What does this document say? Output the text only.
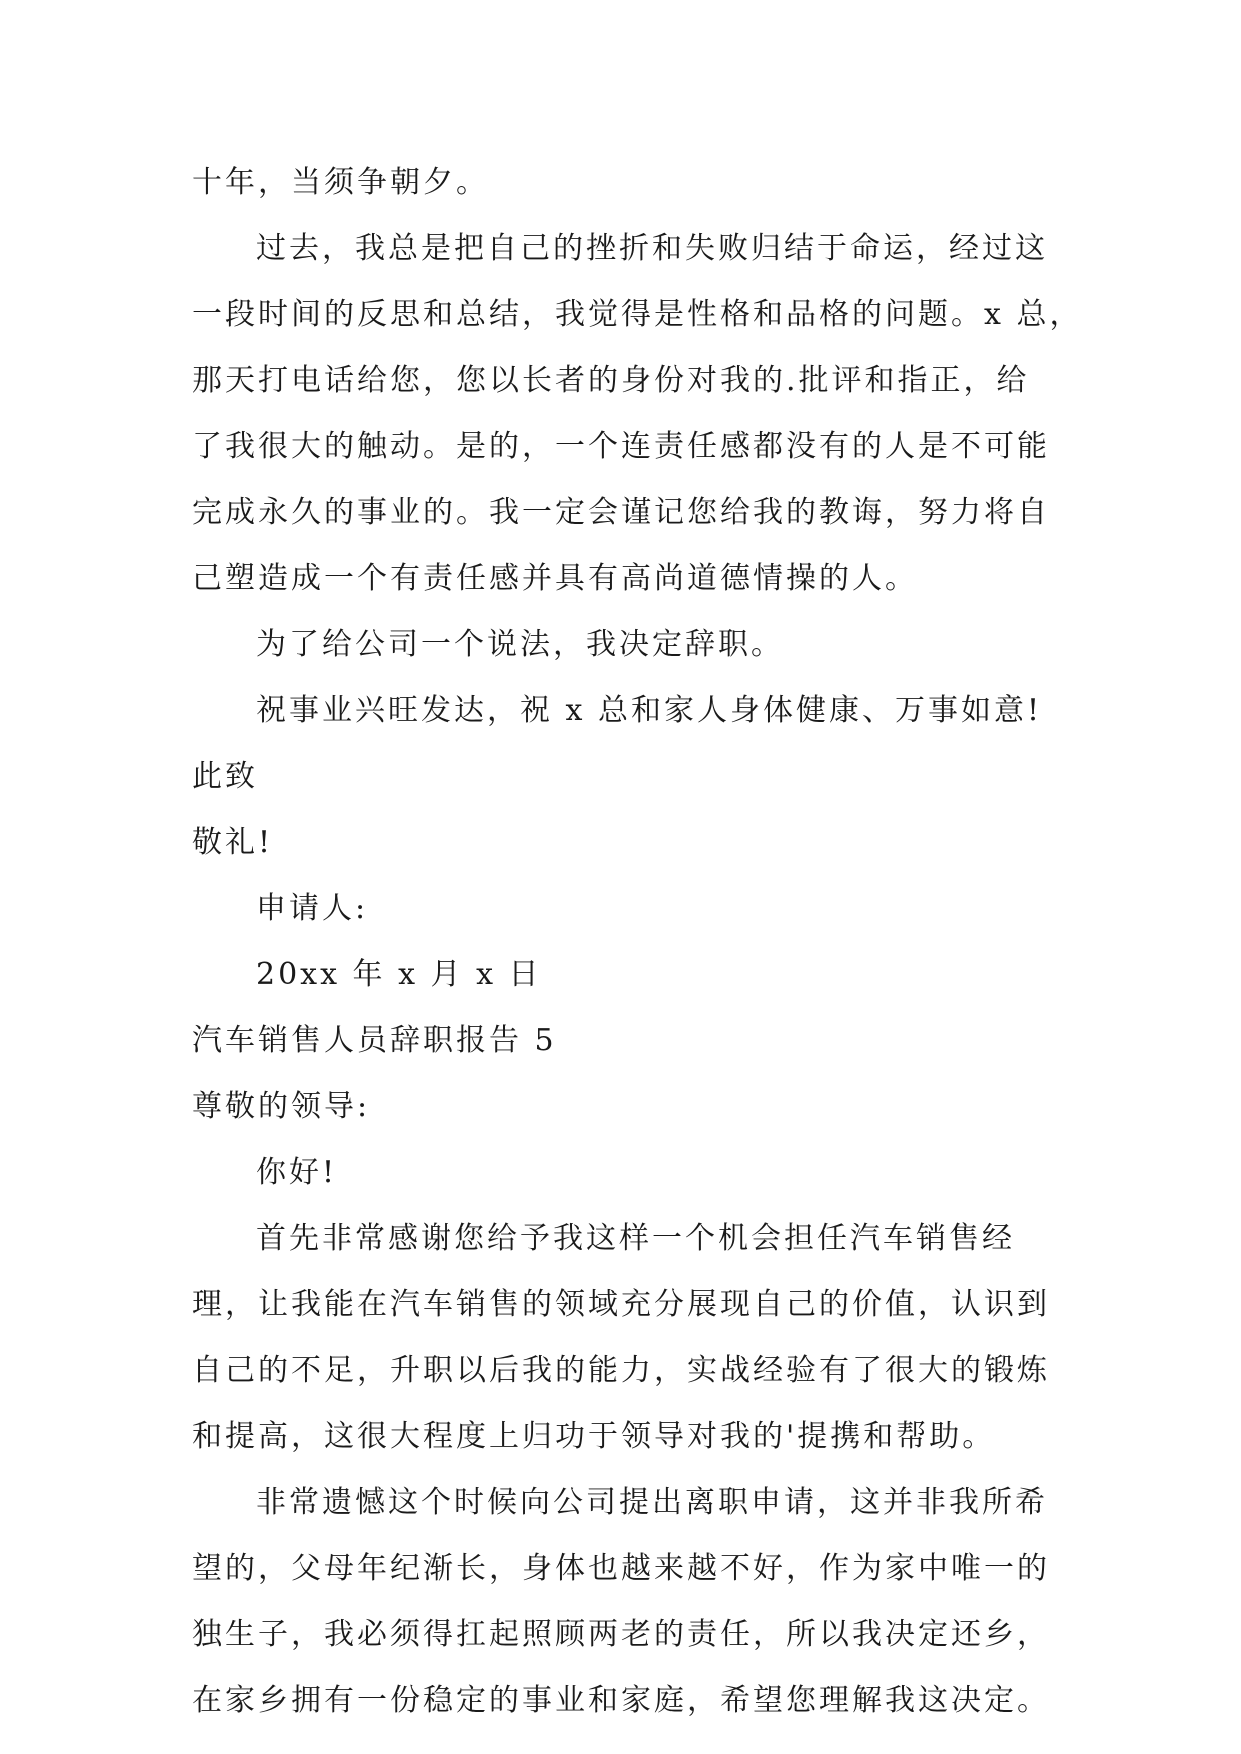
十年，当须争朝夕。
过去，我总是把自己的挫折和失败归结于命运，经过这
一段时间的反思和总结，我觉得是性格和品格的问题。x 总，
那天打电话给您，您以长者的身份对我的.批评和指正，给
了我很大的触动。是的，一个连责任感都没有的人是不可能
完成永久的事业的。我一定会谨记您给我的教诲，努力将自
己塑造成一个有责任感并具有高尚道德情操的人。
为了给公司一个说法，我决定辞职。
祝事业兴旺发达，祝 x 总和家人身体健康、万事如意!
此致
敬礼!
申请人:
20xx 年 x 月 x 日
汽车销售人员辞职报告 5
尊敬的领导:
你好!
首先非常感谢您给予我这样一个机会担任汽车销售经
理，让我能在汽车销售的领域充分展现自己的价值，认识到
自己的不足，升职以后我的能力，实战经验有了很大的锻炼
和提高，这很大程度上归功于领导对我的'提携和帮助。
非常遗憾这个时候向公司提出离职申请，这并非我所希
望的，父母年纪渐长，身体也越来越不好，作为家中唯一的
独生子，我必须得扛起照顾两老的责任，所以我决定还乡，
在家乡拥有一份稳定的事业和家庭，希望您理解我这决定。
